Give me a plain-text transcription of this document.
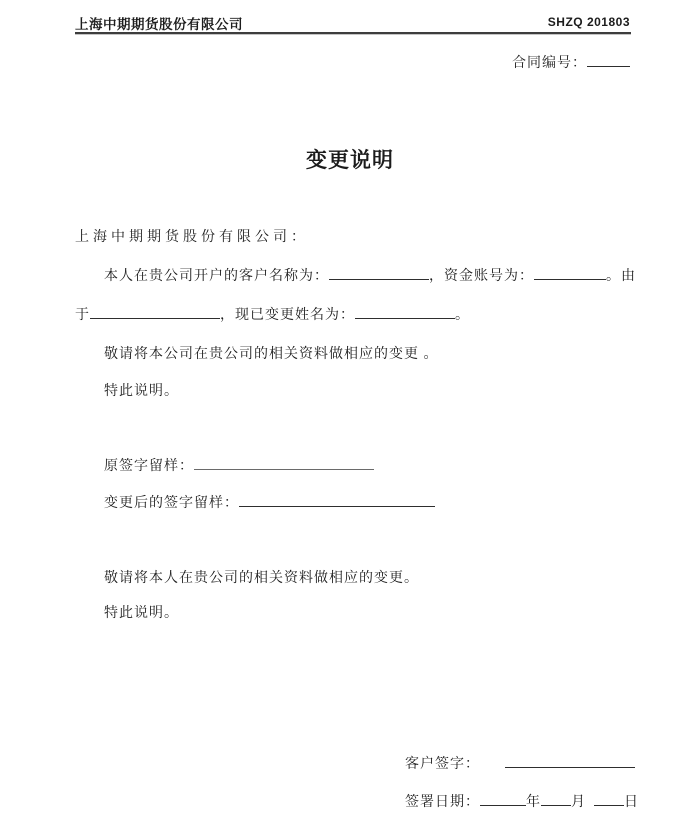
上海中期期货股份有限公司	SHZQ 201803
合同编号：
变更说明
上海中期期货股份有限公司：
本人在贵公司开户的客户名称为：	，资金账号为：	。由
于	，现已变更姓名为：	。
敬请将本公司在贵公司的相关资料做相应的变更 。
特此说明。
原签字留样：
变更后的签字留样：
敬请将本人在贵公司的相关资料做相应的变更。
特此说明。
客户签字：
签署日期：	年 月	日
